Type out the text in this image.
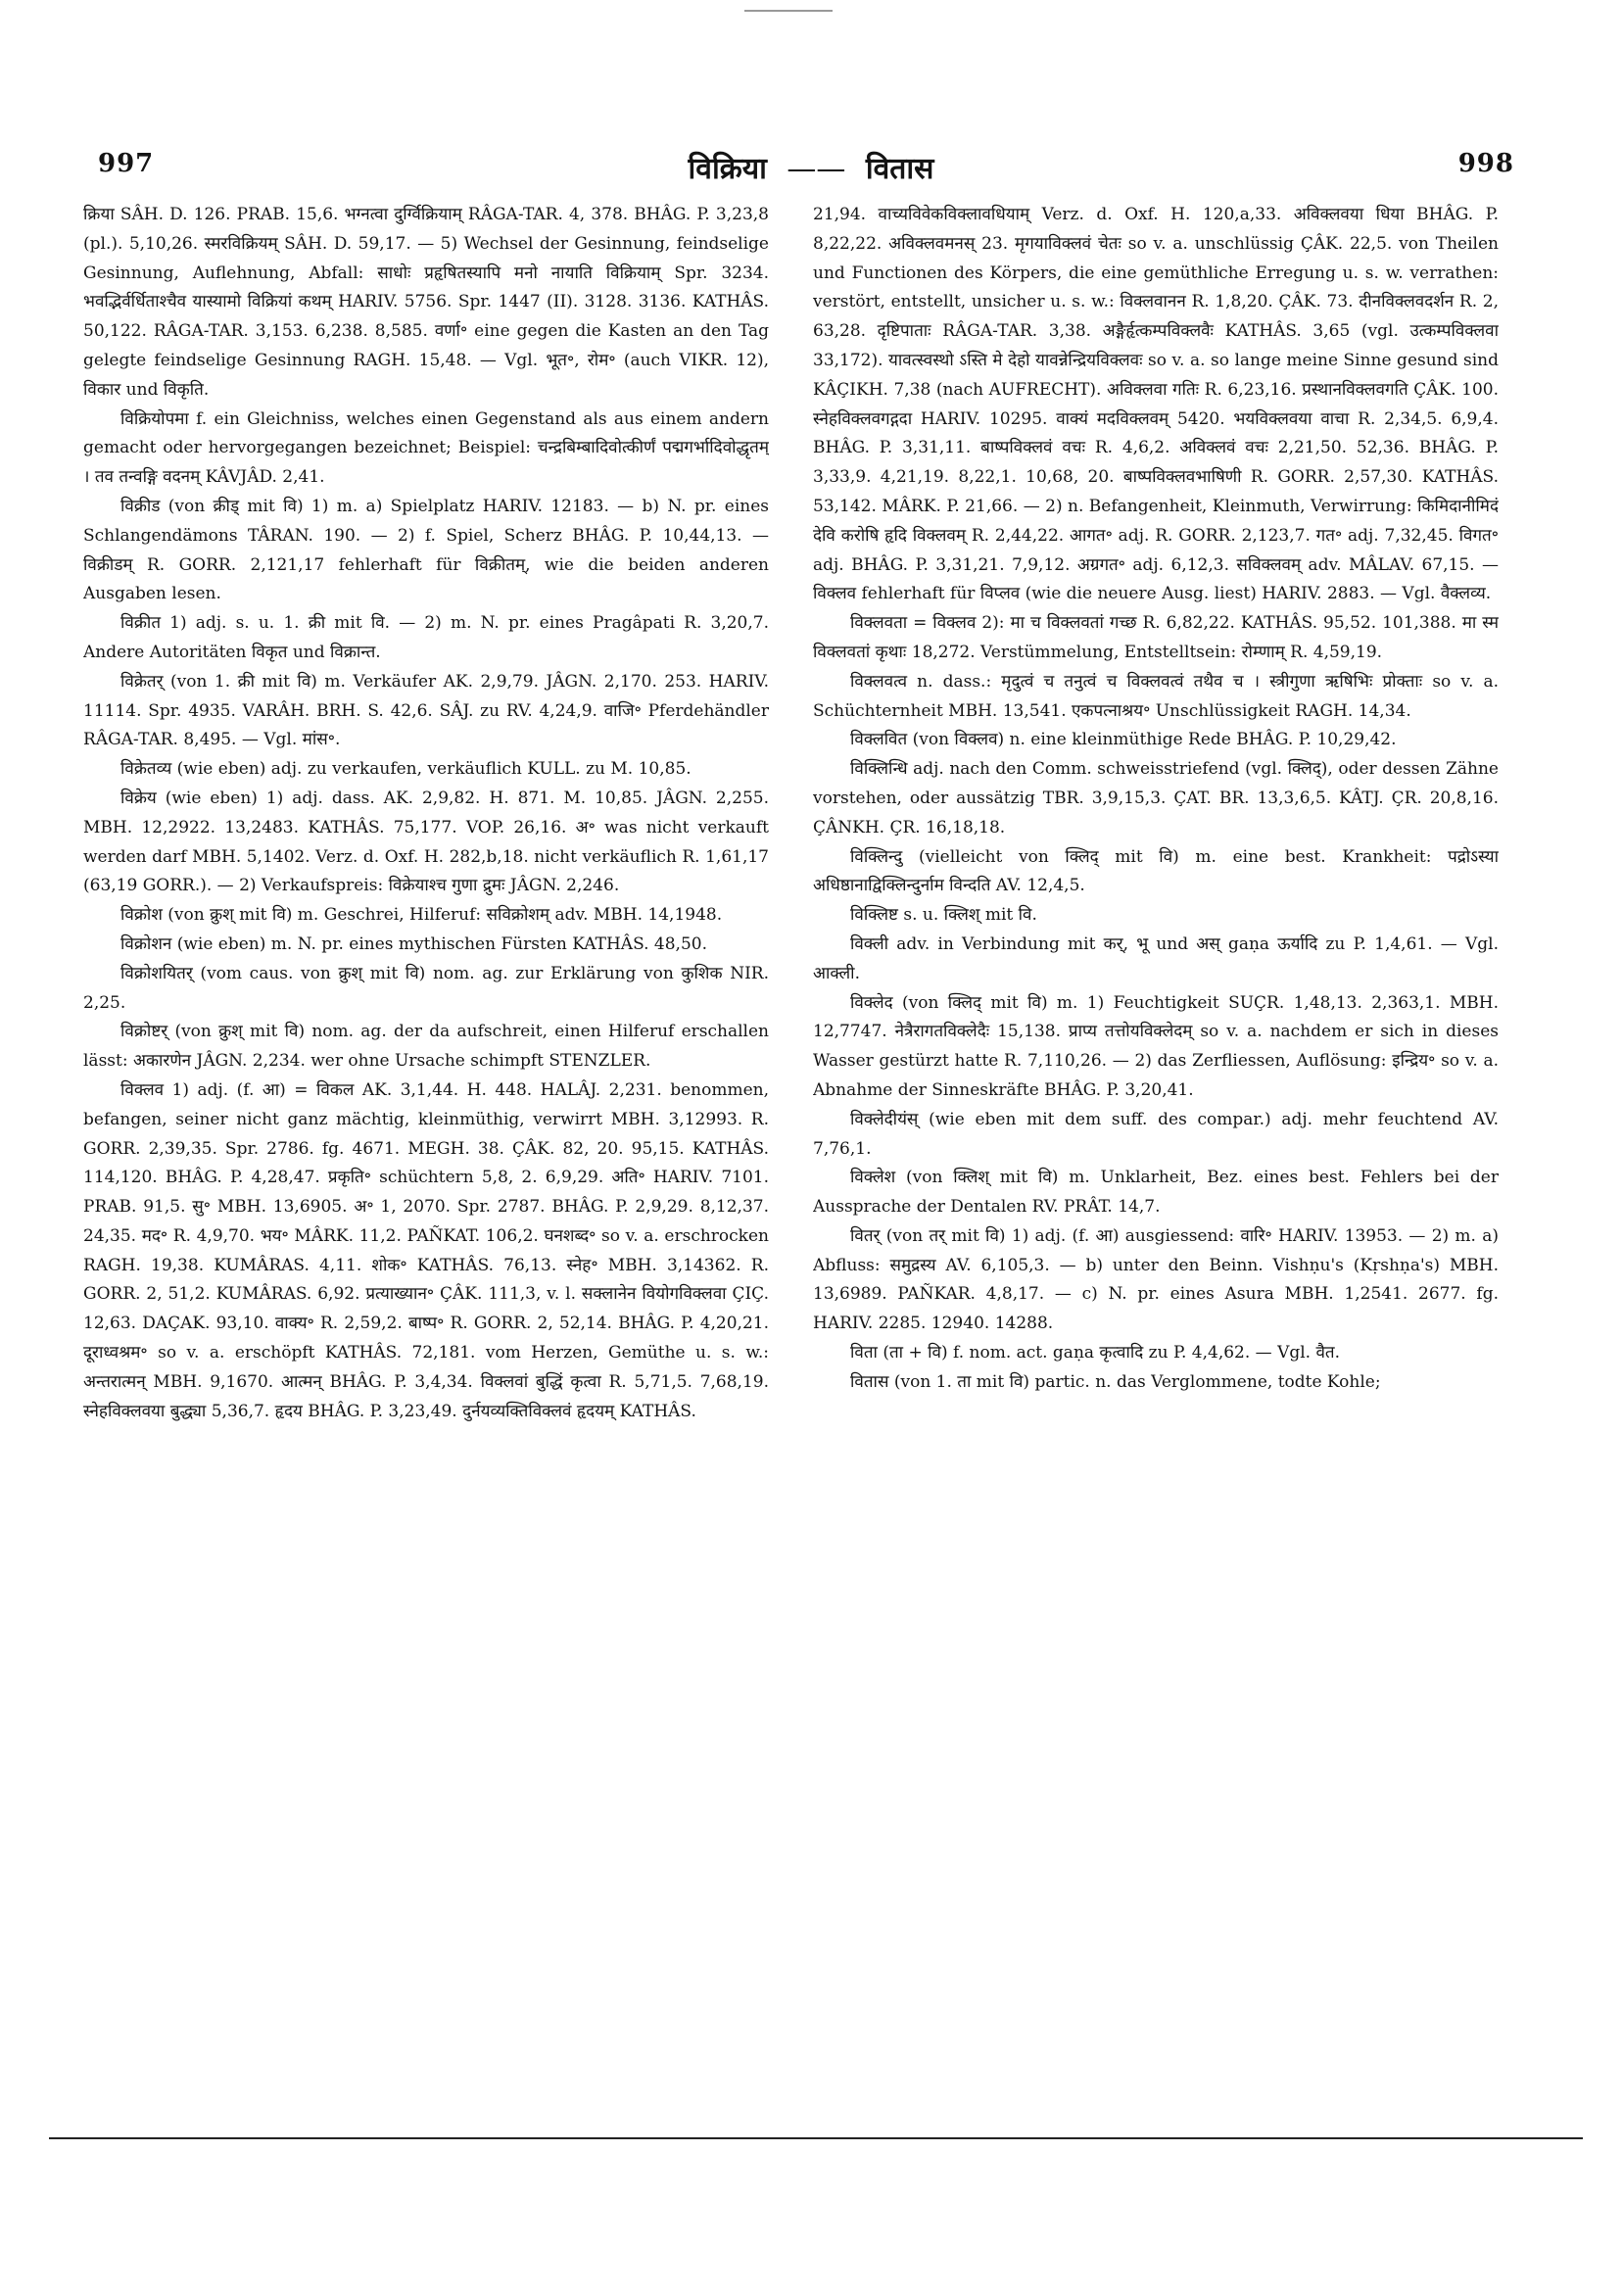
997	विक्रिया —— वितास	998

क्रिया SÂH. D. 126. PRAB. 15,6. भग्नत्वा दुर्ग्विक्रियाम् RÂGA-TAR. 4, 378. BHÂG. P. 3,23,8 (pl.). 5,10,26. स्मरविक्रियम् SÂH. D. 59,17. — 5) Wechsel der Gesinnung, feindselige Gesinnung, Auflehnung, Abfall: साधोः प्रहृषितस्यापि मनो नायाति विक्रियाम् Spr. 3234. भवद्भिर्वर्धिताश्चैव यास्यामो विक्रियां कथम् HARIV. 5756. Spr. 1447 (II). 3128. 3136. KATHÂS. 50,122. RÂGA-TAR. 3,153. 6,238. 8,585. वर्णा॰ eine gegen die Kasten an den Tag gelegte feindselige Gesinnung RAGH. 15,48. — Vgl. भूत॰, रोम॰ (auch VIKR. 12), विकार und विकृति.

विक्रियोपमा f. ein Gleichniss, welches einen Gegenstand als aus einem andern gemacht oder hervorgegangen bezeichnet; Beispiel: चन्द्रबिम्बादिवोत्कीर्णं पद्मगर्भादिवोद्धृतम् । तव तन्वङ्गि वदनम् KÂVJÂD. 2,41.

विक्रीड (von क्रीड् mit वि) 1) m. a) Spielplatz HARIV. 12183. — b) N. pr. eines Schlangendämons TÂRAN. 190. — 2) f. Spiel, Scherz BHÂG. P. 10,44,13. — विक्रीडम् R. GORR. 2,121,17 fehlerhaft für विक्रीतम्, wie die beiden anderen Ausgaben lesen.

विक्रीत 1) adj. s. u. 1. क्री mit वि. — 2) m. N. pr. eines Pragâpati R. 3,20,7. Andere Autoritäten विकृत und विक्रान्त.

विक्रेतर् (von 1. क्री mit वि) m. Verkäufer AK. 2,9,79. JÂGN. 2,170. 253. HARIV. 11114. Spr. 4935. VARÂH. BRH. S. 42,6. SÂJ. zu RV. 4,24,9. वाजि॰ Pferdehändler RÂGA-TAR. 8,495. — Vgl. मांस॰.

विक्रेतव्य (wie eben) adj. zu verkaufen, verkäuflich KULL. zu M. 10,85.

विक्रेय (wie eben) 1) adj. dass. AK. 2,9,82. H. 871. M. 10,85. JÂGN. 2,255. MBH. 12,2922. 13,2483. KATHÂS. 75,177. VOP. 26,16. अ॰ was nicht verkauft werden darf MBH. 5,1402. Verz. d. Oxf. H. 282,b,18. nicht verkäuflich R. 1,61,17 (63,19 GORR.). — 2) Verkaufspreis: विक्रेयाश्च गुणा द्रुमः JÂGN. 2,246.

विक्रोश (von क्रुश् mit वि) m. Geschrei, Hilferuf: सविक्रोशम् adv. MBH. 14,1948.

विक्रोशन (wie eben) m. N. pr. eines mythischen Fürsten KATHÂS. 48,50.

विक्रोशयितर् (vom caus. von क्रुश् mit वि) nom. ag. zur Erklärung von कुशिक NIR. 2,25.

विक्रोष्टर् (von क्रुश् mit वि) nom. ag. der da aufschreit, einen Hilferuf erschallen lässt: अकारणेन JÂGN. 2,234. wer ohne Ursache schimpft STENZLER.

विक्लव 1) adj. (f. आ) = विकल AK. 3,1,44. H. 448. HALÂJ. 2,231. benommen, befangen, seiner nicht ganz mächtig, kleinmüthig, verwirrt MBH. 3,12993. R. GORR. 2,39,35. Spr. 2786. fg. 4671. MEGH. 38. ÇÂK. 82, 20. 95,15. KATHÂS. 114,120. BHÂG. P. 4,28,47. प्रकृति॰ schüchtern 5,8, 2. 6,9,29. अति॰ HARIV. 7101. PRAB. 91,5. सु॰ MBH. 13,6905. अ॰ 1, 2070. Spr. 2787. BHÂG. P. 2,9,29. 8,12,37. 24,35. मद॰ R. 4,9,70. भय॰ MÂRK. 11,2. PAÑKAT. 106,2. घनशब्द॰ so v. a. erschrocken RAGH. 19,38. KUMÂRAS. 4,11. शोक॰ KATHÂS. 76,13. स्नेह॰ MBH. 3,14362. R. GORR. 2, 51,2. KUMÂRAS. 6,92. प्रत्याख्यान॰ ÇÂK. 111,3, v. l. सक्लानेन वियोगविक्लवा ÇIÇ. 12,63. DAÇAK. 93,10. वाक्य॰ R. 2,59,2. बाष्प॰ R. GORR. 2, 52,14. BHÂG. P. 4,20,21. दूराध्वश्रम॰ so v. a. erschöpft KATHÂS. 72,181. vom Herzen, Gemüthe u. s. w.: अन्तरात्मन् MBH. 9,1670. आत्मन् BHÂG. P. 3,4,34. विक्लवां बुद्धिं कृत्वा R. 5,71,5. 7,68,19. स्नेहविक्लवया बुद्ध्या 5,36,7. हृदय BHÂG. P. 3,23,49. दुर्नयव्यक्तिविक्लवं हृदयम् KATHÂS.

21,94. वाच्यविवेकविक्लावधियाम् Verz. d. Oxf. H. 120,a,33. अविक्लवया धिया BHÂG. P. 8,22,22. अविक्लवमनस् 23. मृगयाविक्लवं चेतः so v. a. unschlüssig ÇÂK. 22,5. von Theilen und Functionen des Körpers, die eine gemüthliche Erregung u. s. w. verrathen: verstört, entstellt, unsicher u. s. w.: विक्लवानन R. 1,8,20. ÇÂK. 73. दीनविक्लवदर्शन R. 2, 63,28. दृष्टिपाताः RÂGA-TAR. 3,38. अङ्गैर्हृत्कम्पविक्लवैः KATHÂS. 3,65 (vgl. उत्कम्पविक्लवा 33,172). यावत्स्वस्थो ऽस्ति मे देहो यावन्नेन्द्रियविक्लवः so v. a. so lange meine Sinne gesund sind KÂÇIKH. 7,38 (nach AUFRECHT). अविक्लवा गतिः R. 6,23,16. प्रस्थानविक्लवगति ÇÂK. 100. स्नेहविक्लवगद्गदा HARIV. 10295. वाक्यं मदविक्लवम् 5420. भयविक्लवया वाचा R. 2,34,5. 6,9,4. BHÂG. P. 3,31,11. बाष्पविक्लवं वचः R. 4,6,2. अविक्लवं वचः 2,21,50. 52,36. BHÂG. P. 3,33,9. 4,21,19. 8,22,1. 10,68, 20. बाष्पविक्लवभाषिणी R. GORR. 2,57,30. KATHÂS. 53,142. MÂRK. P. 21,66. — 2) n. Befangenheit, Kleinmuth, Verwirrung: किमिदानीमिदं देवि करोषि हृदि विक्लवम् R. 2,44,22. आगत॰ adj. R. GORR. 2,123,7. गत॰ adj. 7,32,45. विगत॰ adj. BHÂG. P. 3,31,21. 7,9,12. अग्रगत॰ adj. 6,12,3. सविक्लवम् adv. MÂLAV. 67,15. — विक्लव fehlerhaft für विप्लव (wie die neuere Ausg. liest) HARIV. 2883. — Vgl. वैक्लव्य.

विक्लवता = विक्लव 2): मा च विक्लवतां गच्छ R. 6,82,22. KATHÂS. 95,52. 101,388. मा स्म विक्लवतां कृथाः 18,272. Verstümmelung, Entstelltsein: रोम्णाम् R. 4,59,19.

विक्लवत्व n. dass.: मृदुत्वं च तनुत्वं च विक्लवत्वं तथैव च । स्त्रीगुणा ऋषिभिः प्रोक्ताः so v. a. Schüchternheit MBH. 13,541. एकपत्नाश्रय॰ Unschlüssigkeit RAGH. 14,34.

विक्लवित (von विक्लव) n. eine kleinmüthige Rede BHÂG. P. 10,29,42.

विक्लिन्धि adj. nach den Comm. schweisstriefend (vgl. क्लिद्), oder dessen Zähne vorstehen, oder aussätzig TBR. 3,9,15,3. ÇAT. BR. 13,3,6,5. KÂTJ. ÇR. 20,8,16. ÇÂNKH. ÇR. 16,18,18.

विक्लिन्दु (vielleicht von क्लिद् mit वि) m. eine best. Krankheit: पद्रोऽस्या अधिष्ठानाद्विक्लिन्दुर्नाम विन्दति AV. 12,4,5.

विक्लिष्ट s. u. क्लिश् mit वि.

विक्ली adv. in Verbindung mit कर्, भू und अस् gaṇa ऊर्यादि zu P. 1,4,61. — Vgl. आक्ली.

विक्लेद (von क्लिद् mit वि) m. 1) Feuchtigkeit SUÇR. 1,48,13. 2,363,1. MBH. 12,7747. नेत्रैरागतविक्लेदैः 15,138. प्राप्य तत्तोयविक्लेदम् so v. a. nachdem er sich in dieses Wasser gestürzt hatte R. 7,110,26. — 2) das Zerfliessen, Auflösung: इन्द्रिय॰ so v. a. Abnahme der Sinneskräfte BHÂG. P. 3,20,41.

विक्लेदीयंस् (wie eben mit dem suff. des compar.) adj. mehr feuchtend AV. 7,76,1.

विक्लेश (von क्लिश् mit वि) m. Unklarheit, Bez. eines best. Fehlers bei der Aussprache der Dentalen RV. PRÂT. 14,7.

वितर् (von तर् mit वि) 1) adj. (f. आ) ausgiessend: वारि॰ HARIV. 13953. — 2) m. a) Abfluss: समुद्रस्य AV. 6,105,3. — b) unter den Beinn. Vishṇu's (Kṛshṇa's) MBH. 13,6989. PAÑKAR. 4,8,17. — c) N. pr. eines Asura MBH. 1,2541. 2677. fg. HARIV. 2285. 12940. 14288.

विता (ता + वि) f. nom. act. gaṇa कृत्वादि zu P. 4,4,62. — Vgl. वैत.

वितास (von 1. ता mit वि) partic. n. das Verglommene, todte Kohle;
